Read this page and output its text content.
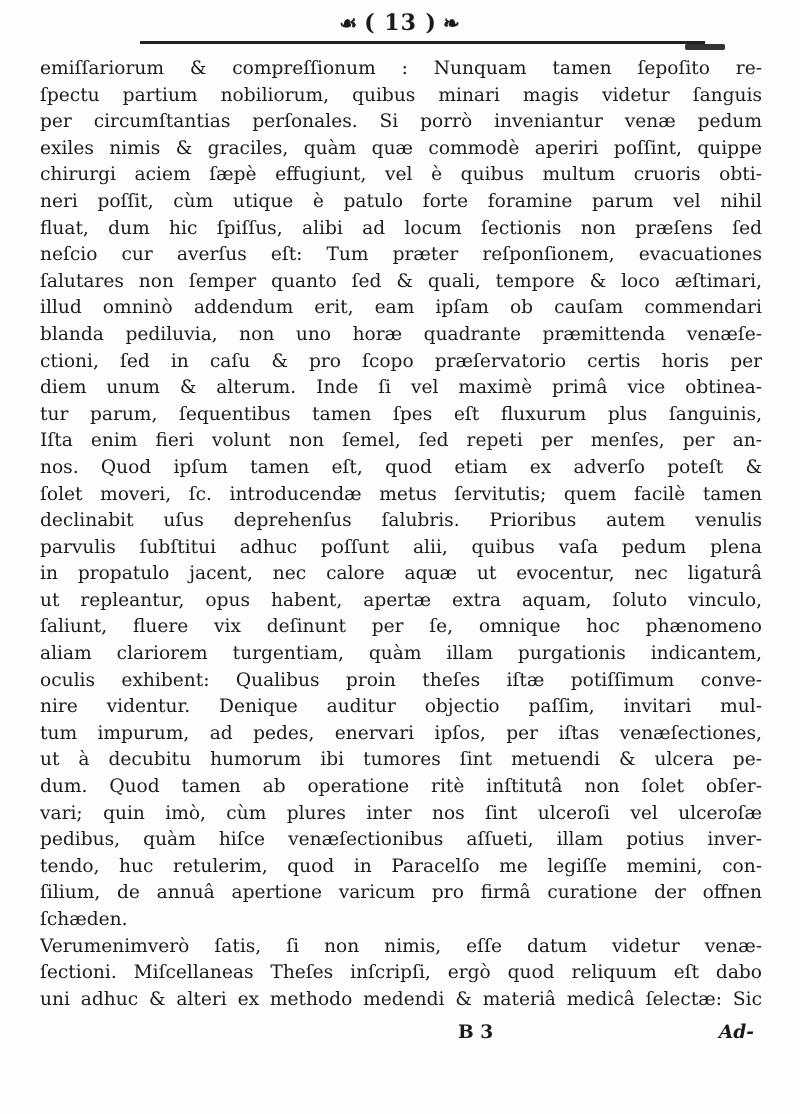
☙ ( 13 ) ❧
emiſſariorum & compreſſionum : Nunquam tamen ſepoſito re-
ſpectu partium nobiliorum, quibus minari magis videtur ſanguis
per circumſtantias perſonales. Si porrò inveniantur venæ pedum
exiles nimis & graciles, quàm quæ commodè aperiri poſſint, quippe
chirurgi aciem ſæpè effugiunt, vel è quibus multum cruoris obti-
neri poſſit, cùm utique è patulo forte foramine parum vel nihil
fluat, dum hic ſpiſſus, alibi ad locum ſectionis non præſens ſed
neſcio cur averſus eſt: Tum præter reſponſionem, evacuationes
ſalutares non ſemper quanto ſed & quali, tempore & loco æſtimari,
illud omninò addendum erit, eam ipſam ob cauſam commendari
blanda pediluvia, non uno horæ quadrante præmittenda venæſe-
ctioni, ſed in caſu & pro ſcopo præſervatorio certis horis per
diem unum & alterum. Inde ſi vel maximè primâ vice obtinea-
tur parum, ſequentibus tamen ſpes eſt fluxurum plus ſanguinis,
Iſta enim fieri volunt non ſemel, ſed repeti per menſes, per an-
nos. Quod ipſum tamen eſt, quod etiam ex adverſo poteſt &
ſolet moveri, ſc. introducendæ metus ſervitutis; quem facilè tamen
declinabit uſus deprehenſus ſalubris. Prioribus autem venulis
parvulis ſubſtitui adhuc poſſunt alii, quibus vaſa pedum plena
in propatulo jacent, nec calore aquæ ut evocentur, nec ligaturâ
ut repleantur, opus habent, apertæ extra aquam, ſoluto vinculo,
ſaliunt, fluere vix deſinunt per ſe, omnique hoc phænomeno
aliam clariorem turgentiam, quàm illam purgationis indicantem,
oculis exhibent: Qualibus proin theſes iſtæ potiſſimum conve-
nire videntur. Denique auditur objectio paſſim, invitari mul-
tum impurum, ad pedes, enervari ipſos, per iſtas venæſectiones,
ut à decubitu humorum ibi tumores ſint metuendi & ulcera pe-
dum. Quod tamen ab operatione ritè inſtitutâ non ſolet obſer-
vari; quin imò, cùm plures inter nos ſint ulceroſi vel ulceroſæ
pedibus, quàm hiſce venæſectionibus aſſueti, illam potius inver-
tendo, huc retulerim, quod in Paracelſo me legiſſe memini, con-
ſilium, de annuâ apertione varicum pro firmâ curatione der offnen
ſchæden.
Verumenimverò ſatis, ſi non nimis, eſſe datum videtur venæ-
ſectioni. Miſcellaneas Theſes inſcripſi, ergò quod reliquum eſt dabo
uni adhuc & alteri ex methodo medendi & materiâ medicâ ſelectæ: Sic
B 3	Ad-
